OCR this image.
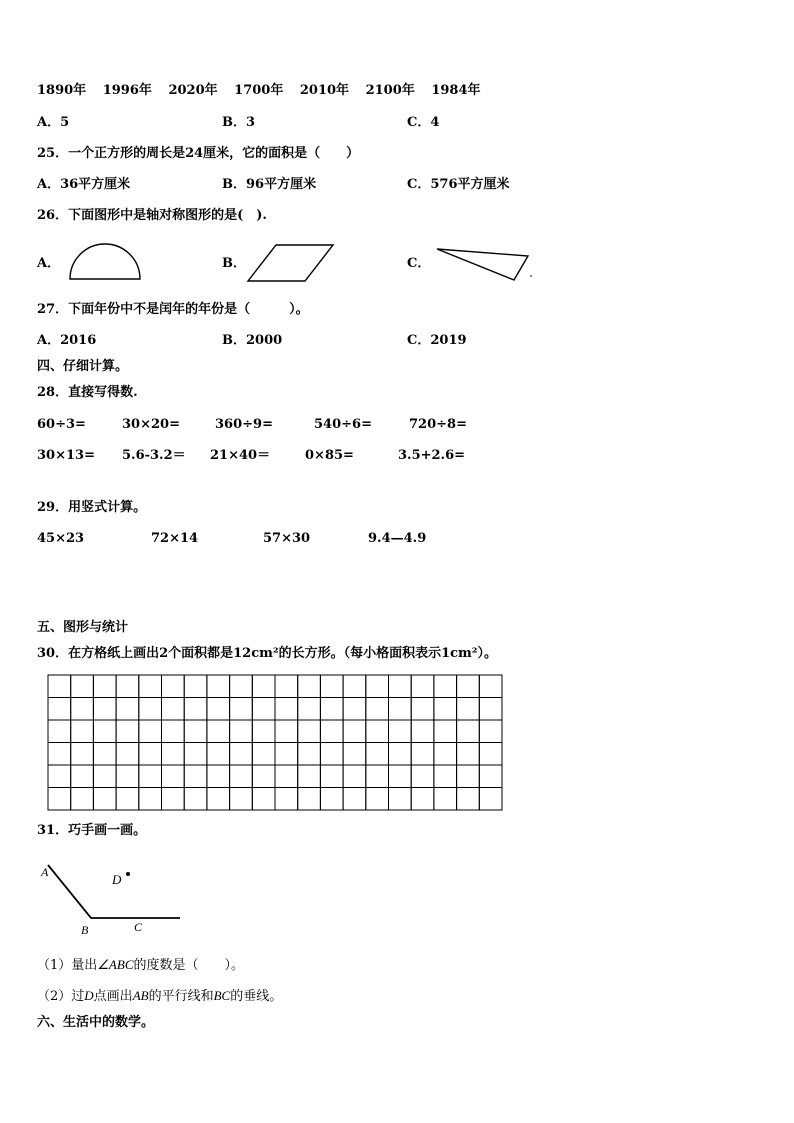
1890年 1996年 2020年 1700年 2010年 2100年 1984年
A．5	B．3	C．4
25．一个正方形的周长是24厘米，它的面积是（　　）
A．36平方厘米	B．96平方厘米	C．576平方厘米
26．下面图形中是轴对称图形的是(　).
A．	B．	C．
27．下面年份中不是闰年的年份是（　　　）。
A．2016	B．2000	C．2019
四、仔细计算。
28．直接写得数.
60÷3=	30×20=	360÷9=	540÷6=	720÷8=
30×13= 5.6-3.2＝ 21×40＝	0×85=	3.5+2.6=
29．用竖式计算。
45×23	72×14	57×30	9.4—4.9
五、图形与统计
30．在方格纸上画出2个面积都是12cm²的长方形。（每小格面积表示1cm²）。
31．巧手画一画。
A	D
B	C
（1）量出∠ABC的度数是（　　）。
（2）过D点画出AB的平行线和BC的垂线。
六、生活中的数学。
